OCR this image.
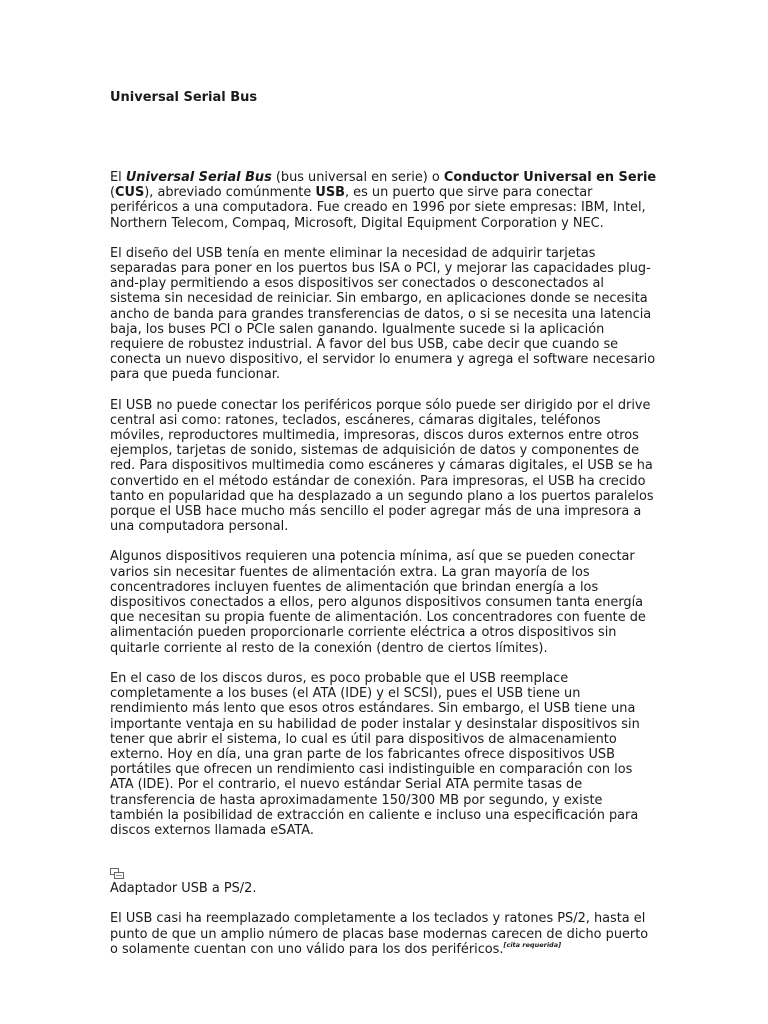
Universal Serial Bus

El Universal Serial Bus (bus universal en serie) o Conductor Universal en Serie (CUS), abreviado comúnmente USB, es un puerto que sirve para conectar periféricos a una computadora. Fue creado en 1996 por siete empresas: IBM, Intel, Northern Telecom, Compaq, Microsoft, Digital Equipment Corporation y NEC.

El diseño del USB tenía en mente eliminar la necesidad de adquirir tarjetas separadas para poner en los puertos bus ISA o PCI, y mejorar las capacidades plug-and-play permitiendo a esos dispositivos ser conectados o desconectados al sistema sin necesidad de reiniciar. Sin embargo, en aplicaciones donde se necesita ancho de banda para grandes transferencias de datos, o si se necesita una latencia baja, los buses PCI o PCIe salen ganando. Igualmente sucede si la aplicación requiere de robustez industrial. A favor del bus USB, cabe decir que cuando se conecta un nuevo dispositivo, el servidor lo enumera y agrega el software necesario para que pueda funcionar.

El USB no puede conectar los periféricos porque sólo puede ser dirigido por el drive central asi como: ratones, teclados, escáneres, cámaras digitales, teléfonos móviles, reproductores multimedia, impresoras, discos duros externos entre otros ejemplos, tarjetas de sonido, sistemas de adquisición de datos y componentes de red. Para dispositivos multimedia como escáneres y cámaras digitales, el USB se ha convertido en el método estándar de conexión. Para impresoras, el USB ha crecido tanto en popularidad que ha desplazado a un segundo plano a los puertos paralelos porque el USB hace mucho más sencillo el poder agregar más de una impresora a una computadora personal.

Algunos dispositivos requieren una potencia mínima, así que se pueden conectar varios sin necesitar fuentes de alimentación extra. La gran mayoría de los concentradores incluyen fuentes de alimentación que brindan energía a los dispositivos conectados a ellos, pero algunos dispositivos consumen tanta energía que necesitan su propia fuente de alimentación. Los concentradores con fuente de alimentación pueden proporcionarle corriente eléctrica a otros dispositivos sin quitarle corriente al resto de la conexión (dentro de ciertos límites).

En el caso de los discos duros, es poco probable que el USB reemplace completamente a los buses (el ATA (IDE) y el SCSI), pues el USB tiene un rendimiento más lento que esos otros estándares. Sin embargo, el USB tiene una importante ventaja en su habilidad de poder instalar y desinstalar dispositivos sin tener que abrir el sistema, lo cual es útil para dispositivos de almacenamiento externo. Hoy en día, una gran parte de los fabricantes ofrece dispositivos USB portátiles que ofrecen un rendimiento casi indistinguible en comparación con los ATA (IDE). Por el contrario, el nuevo estándar Serial ATA permite tasas de transferencia de hasta aproximadamente 150/300 MB por segundo, y existe también la posibilidad de extracción en caliente e incluso una especificación para discos externos llamada eSATA.

Adaptador USB a PS/2.

El USB casi ha reemplazado completamente a los teclados y ratones PS/2, hasta el punto de que un amplio número de placas base modernas carecen de dicho puerto o solamente cuentan con uno válido para los dos periféricos.[cita requerida]
